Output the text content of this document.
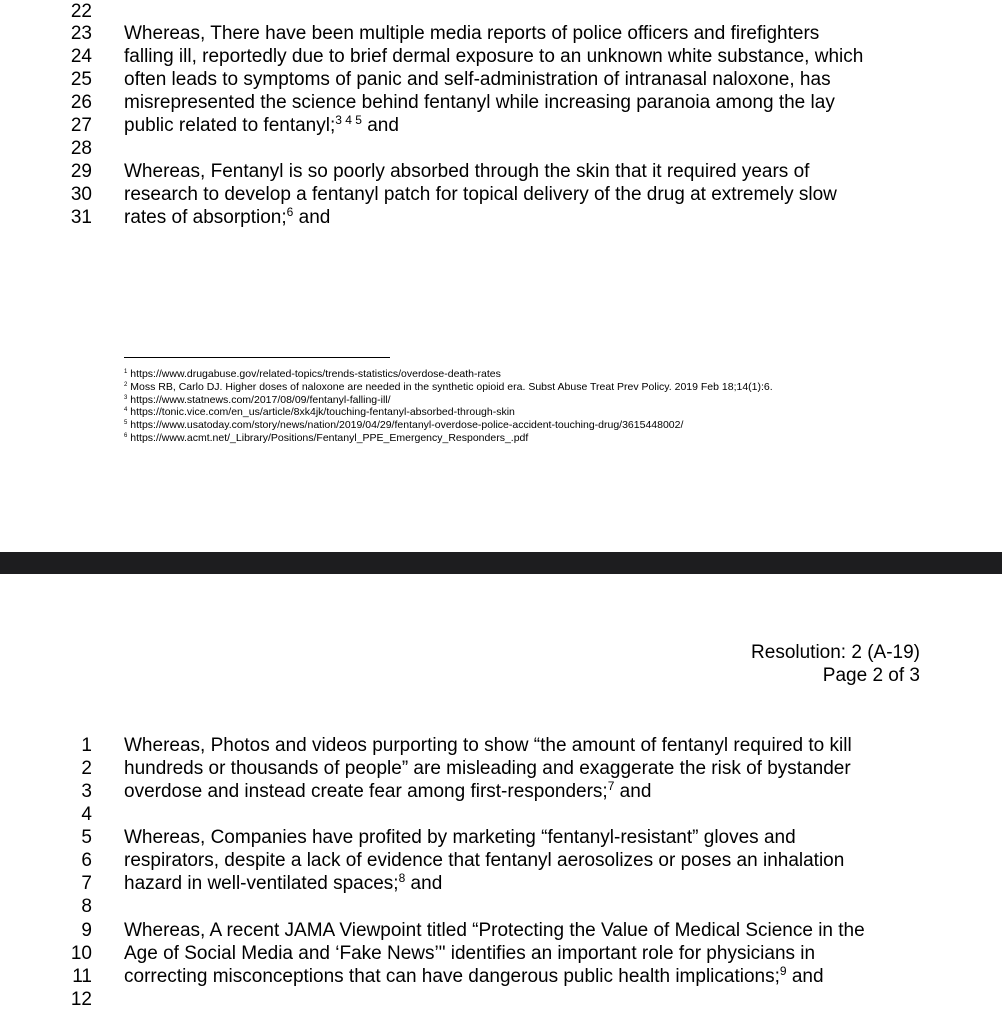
22
23 Whereas, There have been multiple media reports of police officers and firefighters
24 falling ill, reportedly due to brief dermal exposure to an unknown white substance, which
25 often leads to symptoms of panic and self-administration of intranasal naloxone, has
26 misrepresented the science behind fentanyl while increasing paranoia among the lay
27 public related to fentanyl;$^{3 4 5}$ and
28
29 Whereas, Fentanyl is so poorly absorbed through the skin that it required years of
30 research to develop a fentanyl patch for topical delivery of the drug at extremely slow
31 rates of absorption;$^6$ and
$^1$ https://www.drugabuse.gov/related-topics/trends-statistics/overdose-death-rates
$^2$ Moss RB, Carlo DJ. Higher doses of naloxone are needed in the synthetic opioid era. Subst Abuse Treat Prev Policy. 2019 Feb 18;14(1):6.
$^3$ https://www.statnews.com/2017/08/09/fentanyl-falling-ill/
$^4$ https://tonic.vice.com/en_us/article/8xk4jk/touching-fentanyl-absorbed-through-skin
$^5$ https://www.usatoday.com/story/news/nation/2019/04/29/fentanyl-overdose-police-accident-touching-drug/3615448002/
$^6$ https://www.acmt.net/_Library/Positions/Fentanyl_PPE_Emergency_Responders_.pdf
Resolution: 2 (A-19)
Page 2 of 3
1 Whereas, Photos and videos purporting to show “the amount of fentanyl required to kill
2 hundreds or thousands of people” are misleading and exaggerate the risk of bystander
3 overdose and instead create fear among first-responders;$^7$ and
4
5 Whereas, Companies have profited by marketing “fentanyl-resistant” gloves and
6 respirators, despite a lack of evidence that fentanyl aerosolizes or poses an inhalation
7 hazard in well-ventilated spaces;$^8$ and
8
9 Whereas, A recent JAMA Viewpoint titled “Protecting the Value of Medical Science in the
10 Age of Social Media and ‘Fake News’" identifies an important role for physicians in
11 correcting misconceptions that can have dangerous public health implications;$^9$ and
12
